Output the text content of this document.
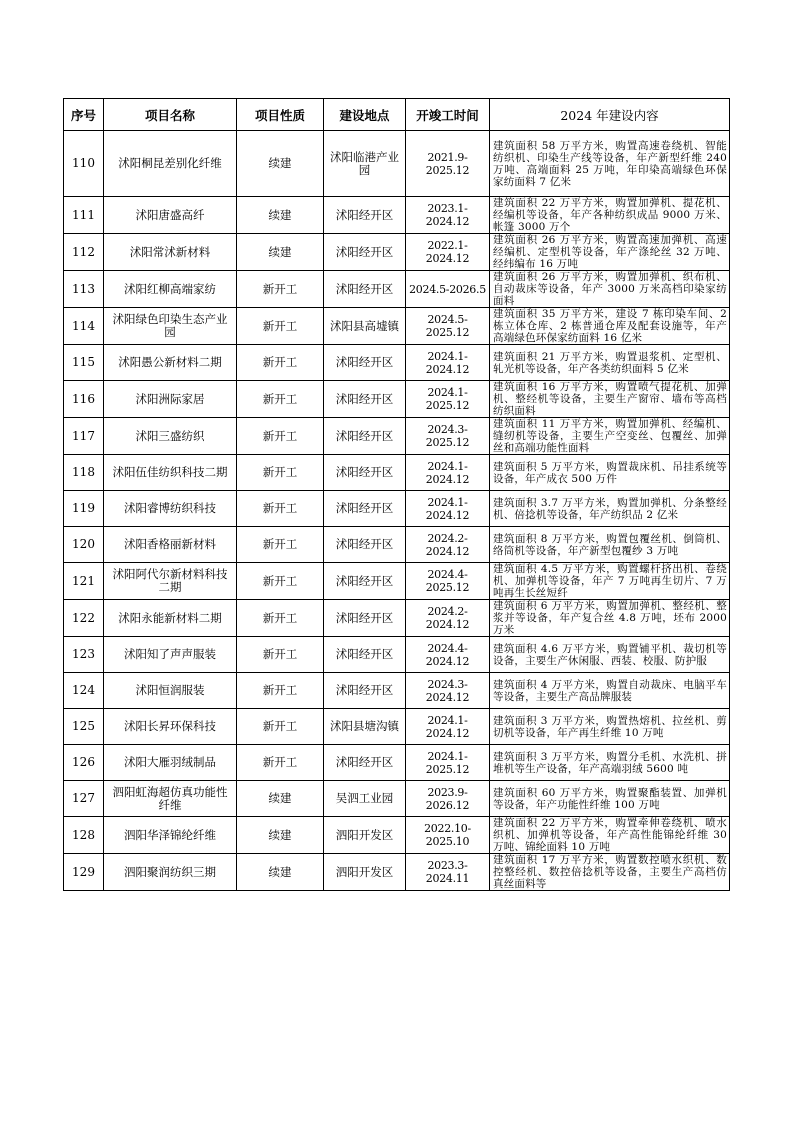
序号	项目名称	项目性质	建设地点	开竣工时间	2024 年建设内容
110	沭阳桐昆差别化纤维	续建	沭阳临港产业园	2021.9-2025.12	建筑面积 58 万平方米，购置高速卷绕机、智能纺织机、印染生产线等设备，年产新型纤维 240 万吨、高端面料 25 万吨，年印染高端绿色环保家纺面料 7 亿米
111	沭阳唐盛高纤	续建	沭阳经开区	2023.1-2024.12	建筑面积 22 万平方米，购置加弹机、提花机、经编机等设备，年产各种纺织成品 9000 万米、帐篷 3000 万个
112	沭阳常沭新材料	续建	沭阳经开区	2022.1-2024.12	建筑面积 26 万平方米，购置高速加弹机、高速经编机、定型机等设备，年产涤纶丝 32 万吨、经纬编布 16 万吨
113	沭阳红柳高端家纺	新开工	沭阳经开区	2024.5-2026.5	建筑面积 26 万平方米，购置加弹机、织布机、自动裁床等设备，年产 3000 万米高档印染家纺面料
114	沭阳绿色印染生态产业园	新开工	沭阳县高墟镇	2024.5-2025.12	建筑面积 35 万平方米，建设 7 栋印染车间、2 栋立体仓库、2 栋普通仓库及配套设施等，年产高端绿色环保家纺面料 16 亿米
115	沭阳愚公新材料二期	新开工	沭阳经开区	2024.1-2024.12	建筑面积 21 万平方米，购置退浆机、定型机、轧光机等设备，年产各类纺织面料 5 亿米
116	沭阳洲际家居	新开工	沭阳经开区	2024.1-2025.12	建筑面积 16 万平方米，购置喷气提花机、加弹机、整经机等设备，主要生产窗帘、墙布等高档纺织面料
117	沭阳三盛纺织	新开工	沭阳经开区	2024.3-2025.12	建筑面积 11 万平方米，购置加弹机、经编机、缝纫机等设备，主要生产空变丝、包覆丝、加弹丝和高端功能性面料
118	沭阳伍佳纺织科技二期	新开工	沭阳经开区	2024.1-2024.12	建筑面积 5 万平方米，购置裁床机、吊挂系统等设备，年产成衣 500 万件
119	沭阳睿博纺织科技	新开工	沭阳经开区	2024.1-2024.12	建筑面积 3.7 万平方米，购置加弹机、分条整经机、倍捻机等设备，年产纺织品 2 亿米
120	沭阳香格丽新材料	新开工	沭阳经开区	2024.2-2024.12	建筑面积 8 万平方米，购置包覆丝机、倒筒机、络筒机等设备，年产新型包覆纱 3 万吨
121	沭阳阿代尔新材料科技二期	新开工	沭阳经开区	2024.4-2025.12	建筑面积 4.5 万平方米，购置螺杆挤出机、卷绕机、加弹机等设备，年产 7 万吨再生切片、7 万吨再生长丝短纤
122	沭阳永能新材料二期	新开工	沭阳经开区	2024.2-2024.12	建筑面积 6 万平方米，购置加弹机、整经机、整浆并等设备，年产复合丝 4.8 万吨，坯布 2000 万米
123	沭阳知了声声服装	新开工	沭阳经开区	2024.4-2024.12	建筑面积 4.6 万平方米，购置铺平机、裁切机等设备，主要生产休闲服、西装、校服、防护服
124	沭阳恒润服装	新开工	沭阳经开区	2024.3-2024.12	建筑面积 4 万平方米，购置自动裁床、电脑平车等设备，主要生产高品牌服装
125	沭阳长昇环保科技	新开工	沭阳县塘沟镇	2024.1-2024.12	建筑面积 3 万平方米，购置热熔机、拉丝机、剪切机等设备，年产再生纤维 10 万吨
126	沭阳大雁羽绒制品	新开工	沭阳经开区	2024.1-2025.12	建筑面积 3 万平方米，购置分毛机、水洗机、拼堆机等生产设备，年产高端羽绒 5600 吨
127	泗阳虹海超仿真功能性纤维	续建	吴泗工业园	2023.9-2026.12	建筑面积 60 万平方米，购置聚酯装置、加弹机等设备，年产功能性纤维 100 万吨
128	泗阳华泽锦纶纤维	续建	泗阳开发区	2022.10-2025.10	建筑面积 22 万平方米，购置牵伸卷绕机、喷水织机、加弹机等设备，年产高性能锦纶纤维 30 万吨、锦纶面料 10 万吨
129	泗阳聚润纺织三期	续建	泗阳开发区	2023.3-2024.11	建筑面积 17 万平方米，购置数控喷水织机、数控整经机、数控倍捻机等设备，主要生产高档仿真丝面料等
